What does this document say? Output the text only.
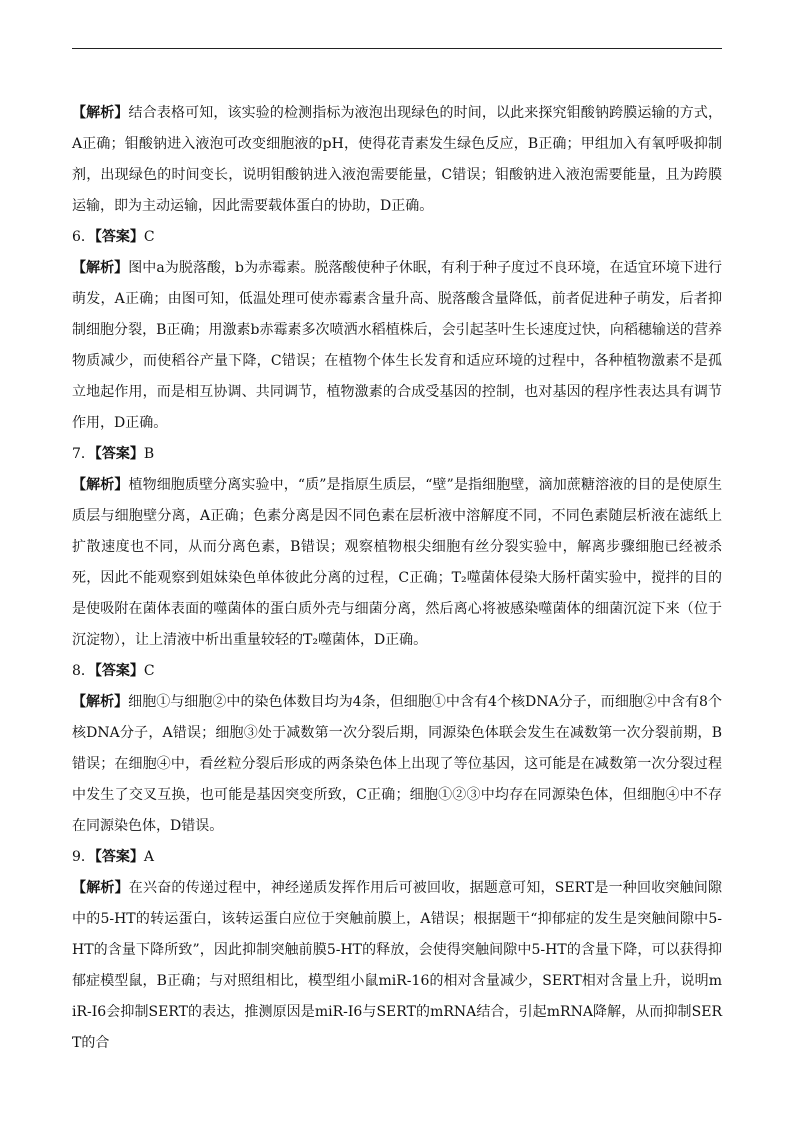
【解析】结合表格可知，该实验的检测指标为液泡出现绿色的时间，以此来探究钼酸钠跨膜运输的方式，A正确；钼酸钠进入液泡可改变细胞液的pH，使得花青素发生绿色反应，B正确；甲组加入有氧呼吸抑制剂，出现绿色的时间变长，说明钼酸钠进入液泡需要能量，C错误；钼酸钠进入液泡需要能量，且为跨膜运输，即为主动运输，因此需要载体蛋白的协助，D正确。

6．【答案】C

【解析】图中a为脱落酸，b为赤霉素。脱落酸使种子休眠，有利于种子度过不良环境，在适宜环境下进行萌发，A正确；由图可知，低温处理可使赤霉素含量升高、脱落酸含量降低，前者促进种子萌发，后者抑制细胞分裂，B正确；用激素b赤霉素多次喷洒水稻植株后，会引起茎叶生长速度过快，向稻穗输送的营养物质减少，而使稻谷产量下降，C错误；在植物个体生长发育和适应环境的过程中，各种植物激素不是孤立地起作用，而是相互协调、共同调节，植物激素的合成受基因的控制，也对基因的程序性表达具有调节作用，D正确。

7．【答案】B

【解析】植物细胞质壁分离实验中，“质”是指原生质层，“壁”是指细胞壁，滴加蔗糖溶液的目的是使原生质层与细胞壁分离，A正确；色素分离是因不同色素在层析液中溶解度不同，不同色素随层析液在滤纸上扩散速度也不同，从而分离色素，B错误；观察植物根尖细胞有丝分裂实验中，解离步骤细胞已经被杀死，因此不能观察到姐妹染色单体彼此分离的过程，C正确；T₂噬菌体侵染大肠杆菌实验中，搅拌的目的是使吸附在菌体表面的噬菌体的蛋白质外壳与细菌分离，然后离心将被感染噬菌体的细菌沉淀下来（位于沉淀物），让上清液中析出重量较轻的T₂噬菌体，D正确。

8．【答案】C

【解析】细胞①与细胞②中的染色体数目均为4条，但细胞①中含有4个核DNA分子，而细胞②中含有8个核DNA分子，A错误；细胞③处于减数第一次分裂后期，同源染色体联会发生在减数第一次分裂前期，B错误；在细胞④中，看丝粒分裂后形成的两条染色体上出现了等位基因，这可能是在减数第一次分裂过程中发生了交叉互换，也可能是基因突变所致，C正确；细胞①②③中均存在同源染色体，但细胞④中不存在同源染色体，D错误。

9．【答案】A

【解析】在兴奋的传递过程中，神经递质发挥作用后可被回收，据题意可知，SERT是一种回收突触间隙中的5-HT的转运蛋白，该转运蛋白应位于突触前膜上，A错误；根据题干“抑郁症的发生是突触间隙中5-HT的含量下降所致”，因此抑制突触前膜5-HT的释放，会使得突触间隙中5-HT的含量下降，可以获得抑郁症模型鼠，B正确；与对照组相比，模型组小鼠miR-16的相对含量减少，SERT相对含量上升，说明miR-I6会抑制SERT的表达，推测原因是miR-I6与SERT的mRNA结合，引起mRNA降解，从而抑制SERT的合
